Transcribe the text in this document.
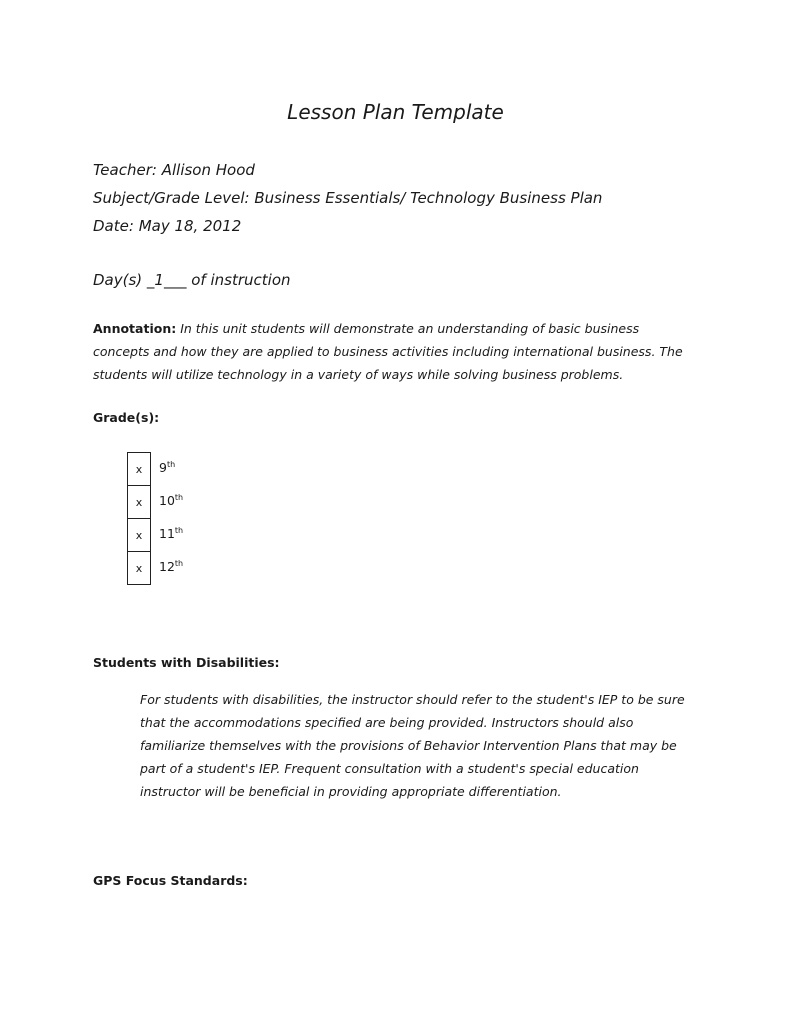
Lesson Plan Template
Teacher: Allison Hood
Subject/Grade Level: Business Essentials/ Technology Business Plan
Date: May 18, 2012
Day(s) _1___ of instruction
Annotation: In this unit students will demonstrate an understanding of basic business concepts and how they are applied to business activities including international business. The students will utilize technology in a variety of ways while solving business problems.
Grade(s):
x	9th
x	10th
x	11th
x	12th
Students with Disabilities:
For students with disabilities, the instructor should refer to the student's IEP to be sure that the accommodations specified are being provided. Instructors should also familiarize themselves with the provisions of Behavior Intervention Plans that may be part of a student's IEP. Frequent consultation with a student's special education instructor will be beneficial in providing appropriate differentiation.
GPS Focus Standards:
